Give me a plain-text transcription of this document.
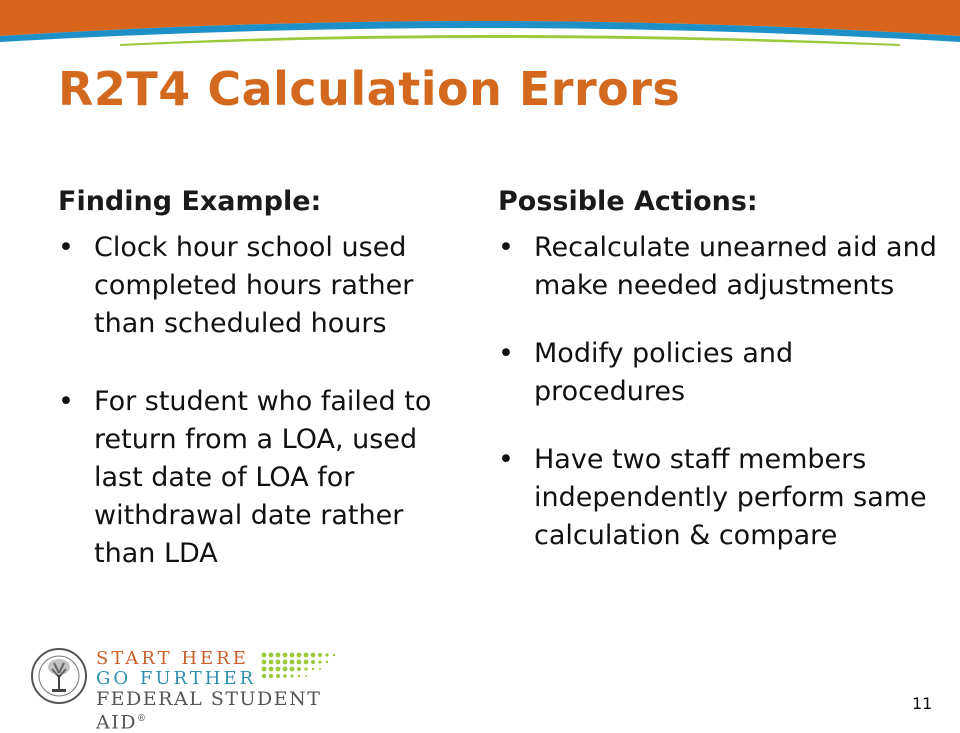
R2T4 Calculation Errors
Finding Example:
• Clock hour school used completed hours rather than scheduled hours
• For student who failed to return from a LOA, used last date of LOA for withdrawal date rather than LDA
Possible Actions:
• Recalculate unearned aid and make needed adjustments
• Modify policies and procedures
• Have two staff members independently perform same calculation & compare
START HERE
GO FURTHER
FEDERAL STUDENT AID®
11
